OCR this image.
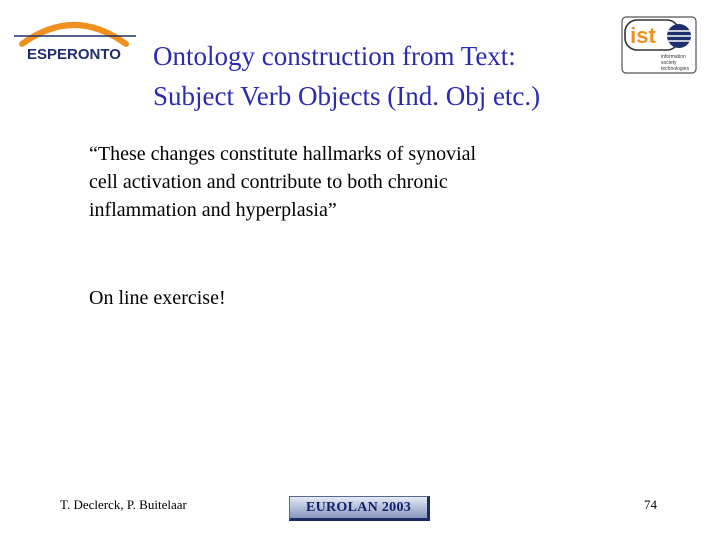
ESPERONTO
ist
information
society
technologies
Ontology construction from Text:
Subject Verb Objects (Ind. Obj etc.)
“These changes constitute hallmarks of synovial
cell activation and contribute to both chronic
inflammation and hyperplasia”
On line exercise!
T. Declerck, P. Buitelaar	EUROLAN 2003	74
